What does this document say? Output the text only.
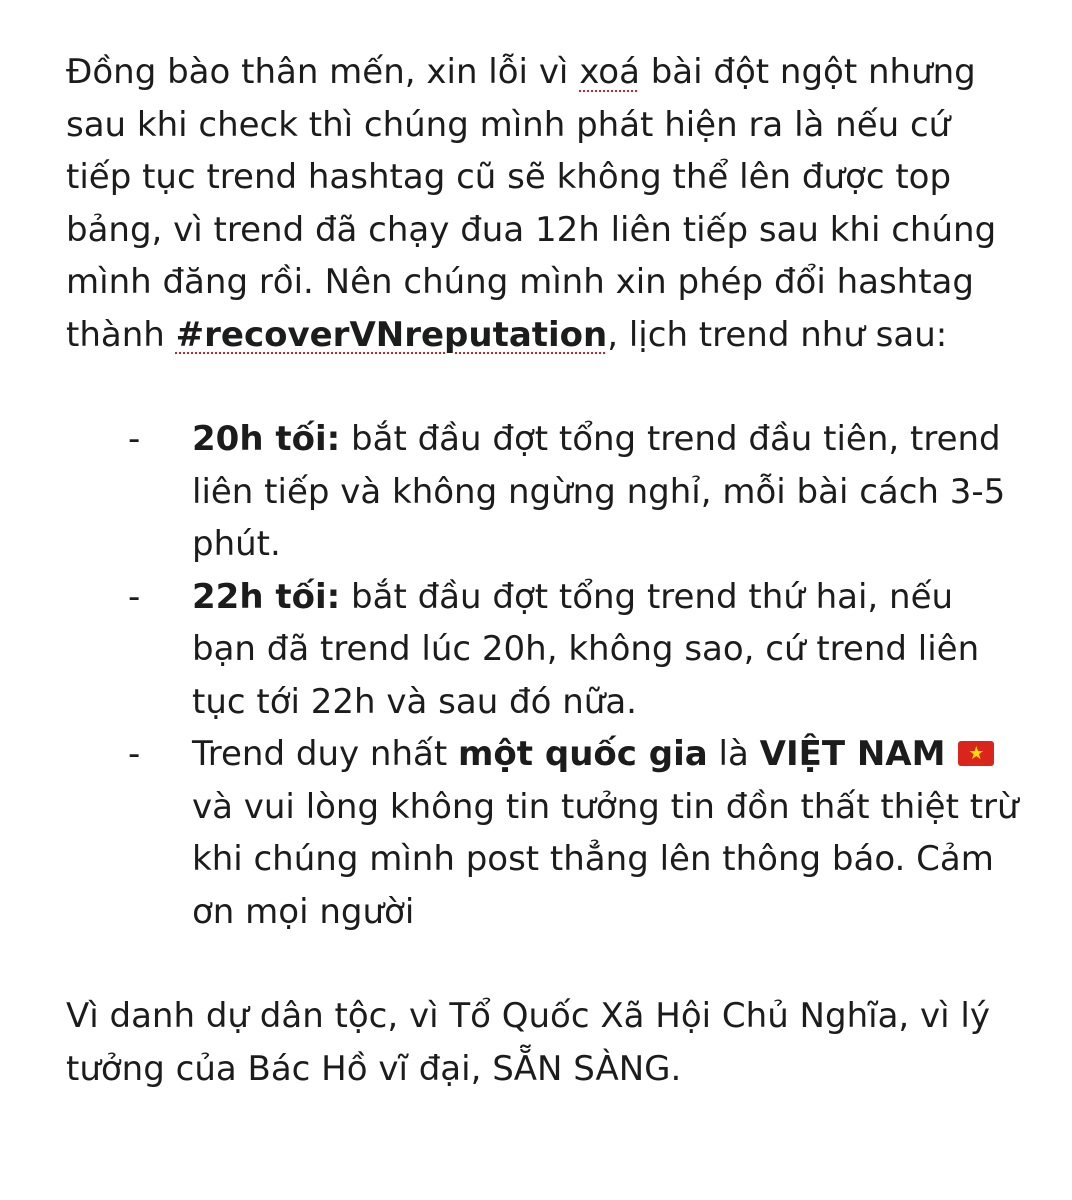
Đồng bào thân mến, xin lỗi vì xoá bài đột ngột nhưng sau khi check thì chúng mình phát hiện ra là nếu cứ tiếp tục trend hashtag cũ sẽ không thể lên được top bảng, vì trend đã chạy đua 12h liên tiếp sau khi chúng mình đăng rồi. Nên chúng mình xin phép đổi hashtag thành #recoverVNreputation, lịch trend như sau:

- 20h tối: bắt đầu đợt tổng trend đầu tiên, trend liên tiếp và không ngừng nghỉ, mỗi bài cách 3-5 phút.
- 22h tối: bắt đầu đợt tổng trend thứ hai, nếu bạn đã trend lúc 20h, không sao, cứ trend liên tục tới 22h và sau đó nữa.
- Trend duy nhất một quốc gia là VIỆT NAM	★
và vui lòng không tin tưởng tin đồn thất thiệt trừ khi chúng mình post thẳng lên thông báo. Cảm ơn mọi người

Vì danh dự dân tộc, vì Tổ Quốc Xã Hội Chủ Nghĩa, vì lý tưởng của Bác Hồ vĩ đại, SẴN SÀNG.
